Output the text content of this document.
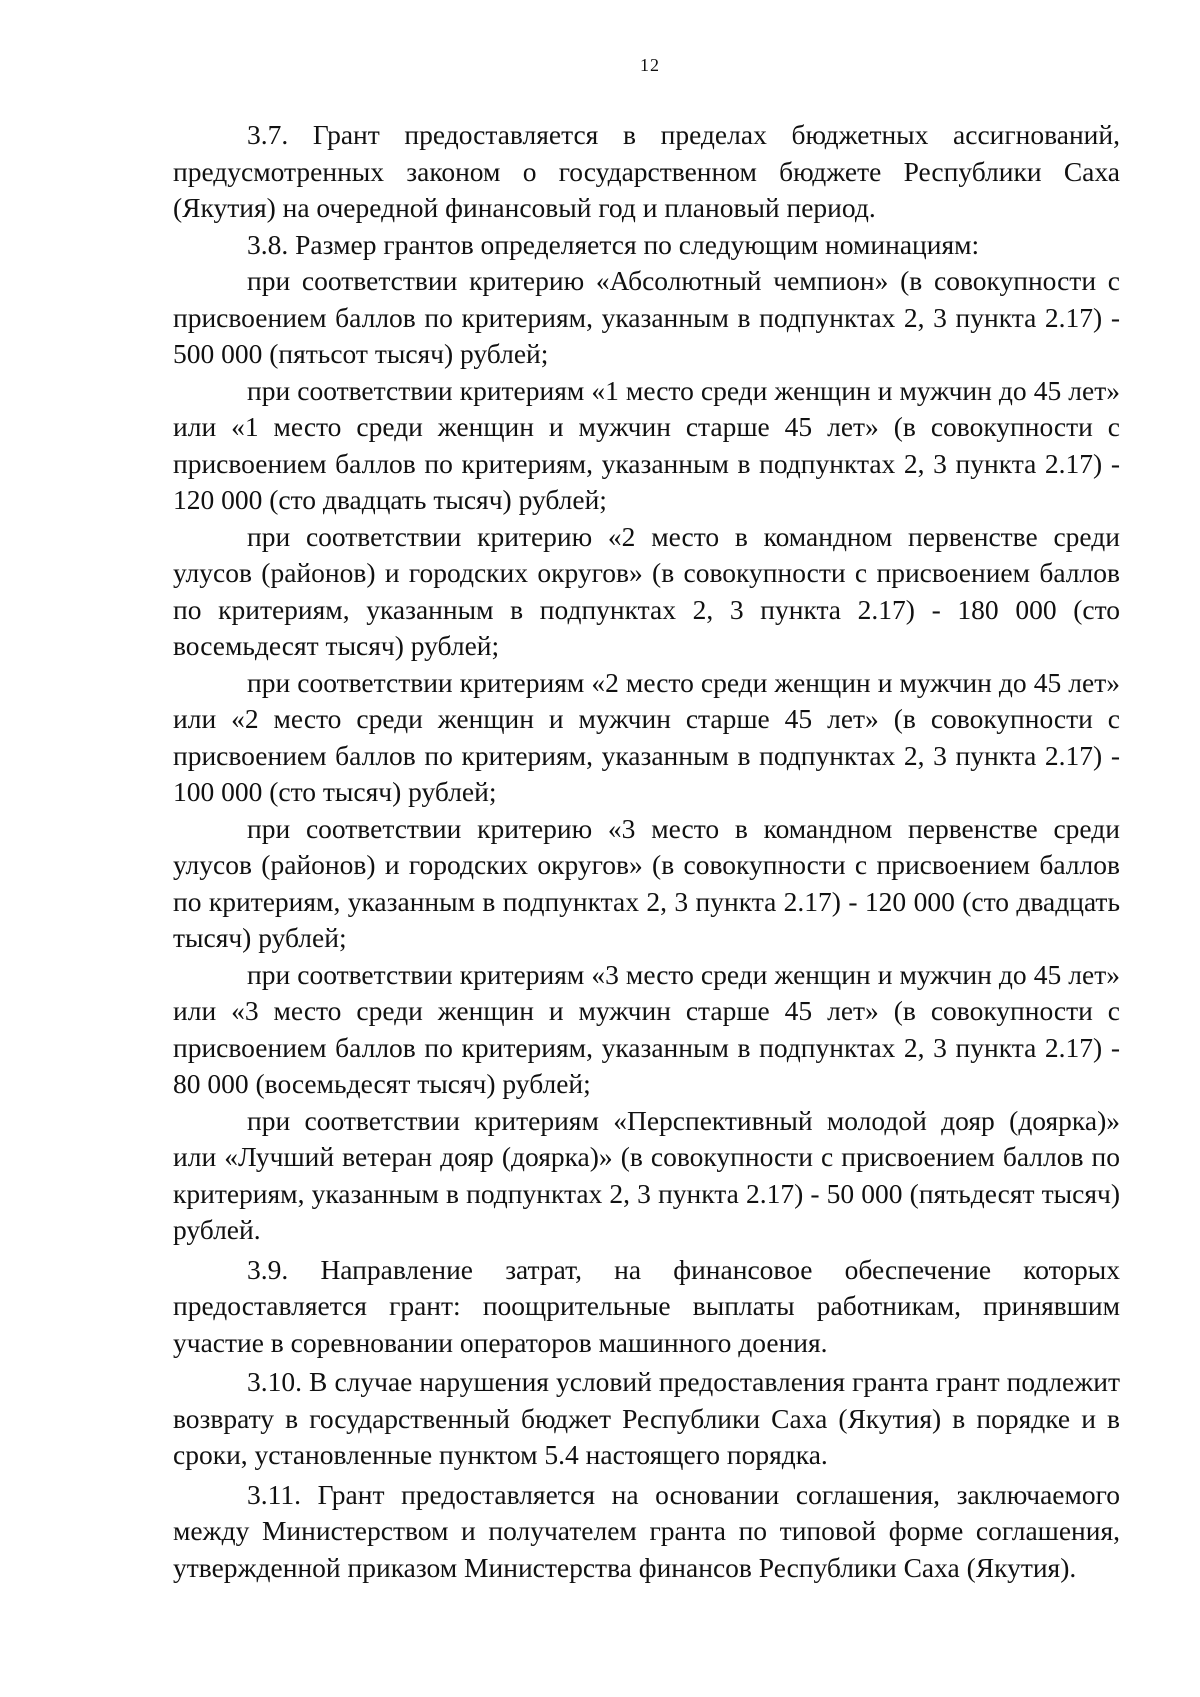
12

3.7. Грант предоставляется в пределах бюджетных ассигнований, предусмотренных законом о государственном бюджете Республики Саха (Якутия) на очередной финансовый год и плановый период.

3.8. Размер грантов определяется по следующим номинациям:

при соответствии критерию «Абсолютный чемпион» (в совокупности с присвоением баллов по критериям, указанным в подпунктах 2, 3 пункта 2.17) - 500 000 (пятьсот тысяч) рублей;

при соответствии критериям «1 место среди женщин и мужчин до 45 лет» или «1 место среди женщин и мужчин старше 45 лет» (в совокупности с присвоением баллов по критериям, указанным в подпунктах 2, 3 пункта 2.17) - 120 000 (сто двадцать тысяч) рублей;

при соответствии критерию «2 место в командном первенстве среди улусов (районов) и городских округов» (в совокупности с присвоением баллов по критериям, указанным в подпунктах 2, 3 пункта 2.17) - 180 000 (сто восемьдесят тысяч) рублей;

при соответствии критериям «2 место среди женщин и мужчин до 45 лет» или «2 место среди женщин и мужчин старше 45 лет» (в совокупности с присвоением баллов по критериям, указанным в подпунктах 2, 3 пункта 2.17) - 100 000 (сто тысяч) рублей;

при соответствии критерию «3 место в командном первенстве среди улусов (районов) и городских округов» (в совокупности с присвоением баллов по критериям, указанным в подпунктах 2, 3 пункта 2.17) - 120 000 (сто двадцать тысяч) рублей;

при соответствии критериям «3 место среди женщин и мужчин до 45 лет» или «3 место среди женщин и мужчин старше 45 лет» (в совокупности с присвоением баллов по критериям, указанным в подпунктах 2, 3 пункта 2.17) - 80 000 (восемьдесят тысяч) рублей;

при соответствии критериям «Перспективный молодой дояр (доярка)» или «Лучший ветеран дояр (доярка)» (в совокупности с присвоением баллов по критериям, указанным в подпунктах 2, 3 пункта 2.17) - 50 000 (пятьдесят тысяч) рублей.

3.9. Направление затрат, на финансовое обеспечение которых предоставляется грант: поощрительные выплаты работникам, принявшим участие в соревновании операторов машинного доения.

3.10. В случае нарушения условий предоставления гранта грант подлежит возврату в государственный бюджет Республики Саха (Якутия) в порядке и в сроки, установленные пунктом 5.4 настоящего порядка.

3.11. Грант предоставляется на основании соглашения, заключаемого между Министерством и получателем гранта по типовой форме соглашения, утвержденной приказом Министерства финансов Республики Саха (Якутия).
